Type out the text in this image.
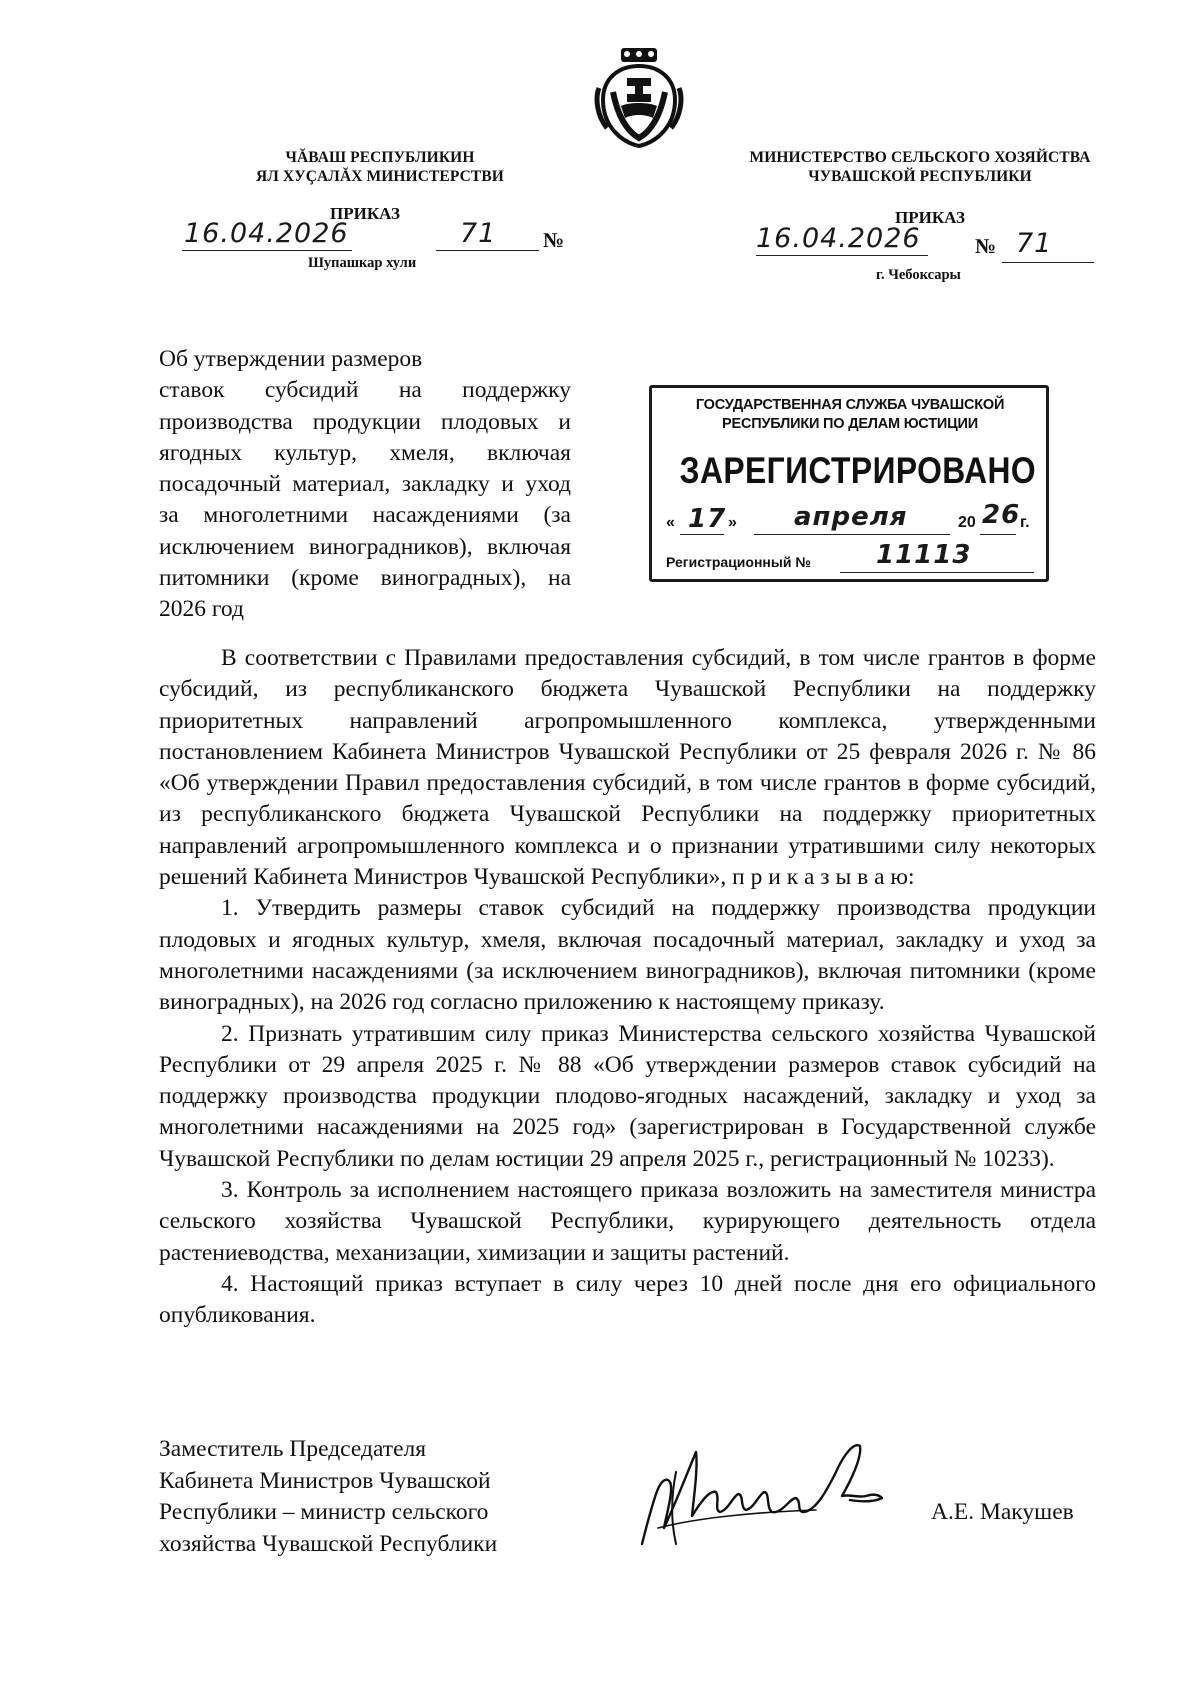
ЧĂВАШ РЕСПУБЛИКИН
ЯЛ ХУҪАЛĂХ МИНИСТЕРСТВИ
МИНИСТЕРСТВО СЕЛЬСКОГО ХОЗЯЙСТВА
ЧУВАШСКОЙ РЕСПУБЛИКИ
ПРИКАЗ	ПРИКАЗ
16.04.2026	71 №
Шупашкар хули
16.04.2026	№ 71
г. Чебоксары
Об утверждении размеров
ставок субсидий на поддержку производства продукции плодовых и ягодных культур, хмеля, включая посадочный материал, закладку и уход за многолетними насаждениями (за исключением виноградников), включая питомники (кроме виноградных), на 2026 год
ГОСУДАРСТВЕННАЯ СЛУЖБА ЧУВАШСКОЙ
РЕСПУБЛИКИ ПО ДЕЛАМ ЮСТИЦИИ
ЗАРЕГИСТРИРОВАНО
« 17 » апреля	20 26 г.
Регистрационный №	11113

В соответствии с Правилами предоставления субсидий, в том числе грантов в форме субсидий, из республиканского бюджета Чувашской Республики на поддержку приоритетных направлений агропромышленного комплекса, утвержденными постановлением Кабинета Министров Чувашской Республики от 25 февраля 2026 г. № 86 «Об утверждении Правил предоставления субсидий, в том числе грантов в форме субсидий, из республиканского бюджета Чувашской Республики на поддержку приоритетных направлений агропромышленного комплекса и о признании утратившими силу некоторых решений Кабинета Министров Чувашской Республики», п р и к а з ы в а ю:

1. Утвердить размеры ставок субсидий на поддержку производства продукции плодовых и ягодных культур, хмеля, включая посадочный материал, закладку и уход за многолетними насаждениями (за исключением виноградников), включая питомники (кроме виноградных), на 2026 год согласно приложению к настоящему приказу.

2. Признать утратившим силу приказ Министерства сельского хозяйства Чувашской Республики от 29 апреля 2025 г. № 88 «Об утверждении размеров ставок субсидий на поддержку производства продукции плодово-ягодных насаждений, закладку и уход за многолетними насаждениями на 2025 год» (зарегистрирован в Государственной службе Чувашской Республики по делам юстиции 29 апреля 2025 г., регистрационный № 10233).

3. Контроль за исполнением настоящего приказа возложить на заместителя министра сельского хозяйства Чувашской Республики, курирующего деятельность отдела растениеводства, механизации, химизации и защиты растений.

4. Настоящий приказ вступает в силу через 10 дней после дня его официального опубликования.

Заместитель Председателя
Кабинета Министров Чувашской
Республики – министр сельского
хозяйства Чувашской Республики
А.Е. Макушев
